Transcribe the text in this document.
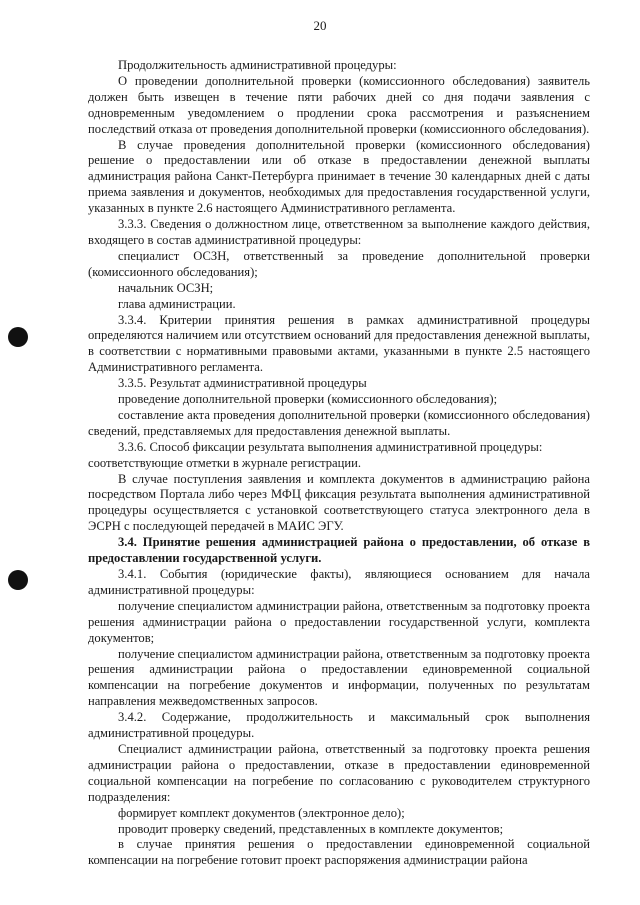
20

Продолжительность административной процедуры:

О проведении дополнительной проверки (комиссионного обследования) заявитель должен быть извещен в течение пяти рабочих дней со дня подачи заявления с одновременным уведомлением о продлении срока рассмотрения и разъяснением последствий отказа от проведения дополнительной проверки (комиссионного обследования).

В случае проведения дополнительной проверки (комиссионного обследования) решение о предоставлении или об отказе в предоставлении денежной выплаты администрация района Санкт-Петербурга принимает в течение 30 календарных дней с даты приема заявления и документов, необходимых для предоставления государственной услуги, указанных в пункте 2.6 настоящего Административного регламента.

3.3.3. Сведения о должностном лице, ответственном за выполнение каждого действия, входящего в состав административной процедуры:

специалист ОСЗН, ответственный за проведение дополнительной проверки (комиссионного обследования);

начальник ОСЗН;

глава администрации.

3.3.4. Критерии принятия решения в рамках административной процедуры определяются наличием или отсутствием оснований для предоставления денежной выплаты, в соответствии с нормативными правовыми актами, указанными в пункте 2.5 настоящего Административного регламента.

3.3.5. Результат административной процедуры

проведение дополнительной проверки (комиссионного обследования);

составление акта проведения дополнительной проверки (комиссионного обследования) сведений, представляемых для предоставления денежной выплаты.

3.3.6. Способ фиксации результата выполнения административной процедуры:

соответствующие отметки в журнале регистрации.

В случае поступления заявления и комплекта документов в администрацию района посредством Портала либо через МФЦ фиксация результата выполнения административной процедуры осуществляется с установкой соответствующего статуса электронного дела в ЭСРН с последующей передачей в МАИС ЭГУ.

3.4. Принятие решения администрацией района о предоставлении, об отказе в предоставлении государственной услуги.

3.4.1. События (юридические факты), являющиеся основанием для начала административной процедуры:

получение специалистом администрации района, ответственным за подготовку проекта решения администрации района о предоставлении государственной услуги, комплекта документов;

получение специалистом администрации района, ответственным за подготовку проекта решения администрации района о предоставлении единовременной социальной компенсации на погребение документов и информации, полученных по результатам направления межведомственных запросов.

3.4.2. Содержание, продолжительность и максимальный срок выполнения административной процедуры.

Специалист администрации района, ответственный за подготовку проекта решения администрации района о предоставлении, отказе в предоставлении единовременной социальной компенсации на погребение по согласованию с руководителем структурного подразделения:

формирует комплект документов (электронное дело);

проводит проверку сведений, представленных в комплекте документов;

в случае принятия решения о предоставлении единовременной социальной компенсации на погребение готовит проект распоряжения администрации района
